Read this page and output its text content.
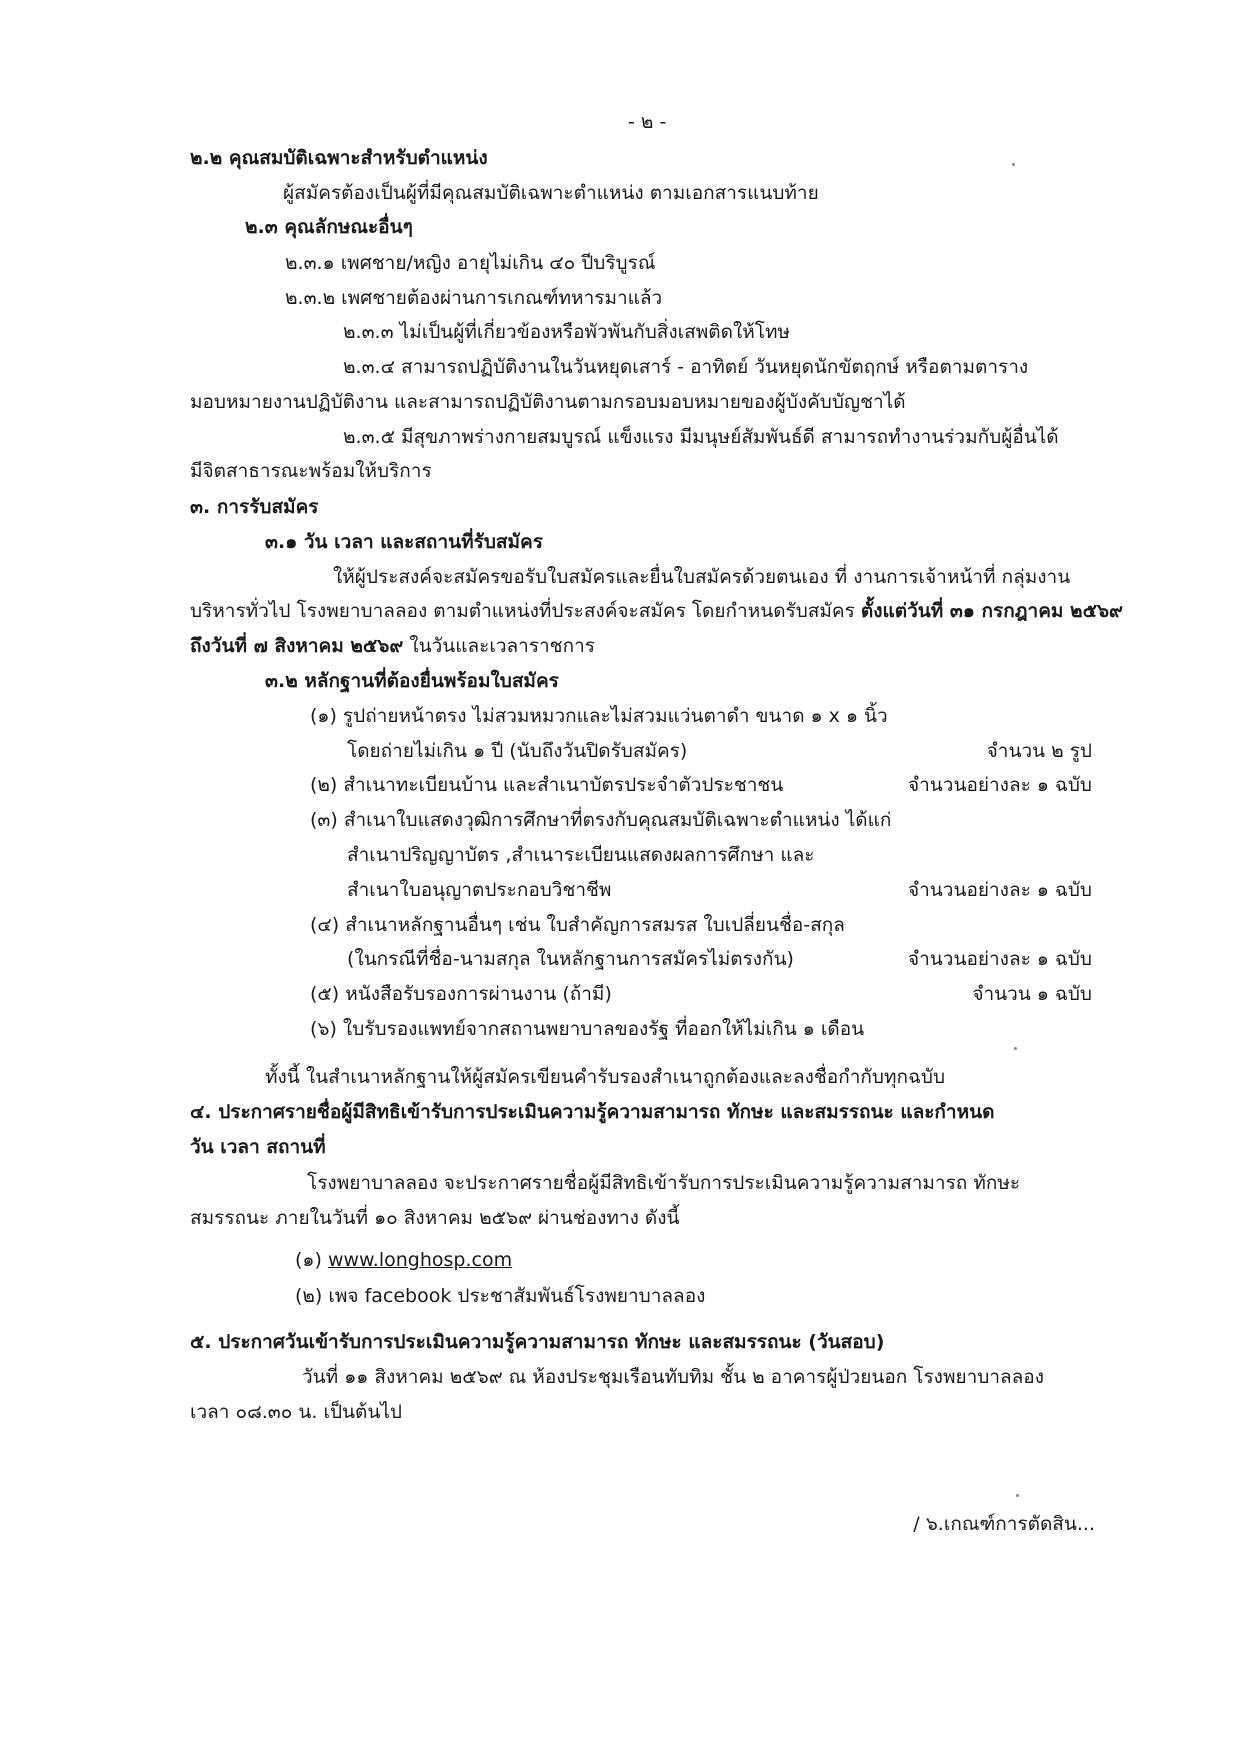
- ๒ -
๒.๒ คุณสมบัติเฉพาะสำหรับตำแหน่ง
ผู้สมัครต้องเป็นผู้ที่มีคุณสมบัติเฉพาะตำแหน่ง ตามเอกสารแนบท้าย
๒.๓ คุณลักษณะอื่นๆ
๒.๓.๑ เพศชาย/หญิง อายุไม่เกิน ๔๐ ปีบริบูรณ์
๒.๓.๒ เพศชายต้องผ่านการเกณฑ์ทหารมาแล้ว
๒.๓.๓ ไม่เป็นผู้ที่เกี่ยวข้องหรือพัวพันกับสิ่งเสพติดให้โทษ
๒.๓.๔ สามารถปฏิบัติงานในวันหยุดเสาร์ - อาทิตย์ วันหยุดนักขัตฤกษ์ หรือตามตาราง
มอบหมายงานปฏิบัติงาน และสามารถปฏิบัติงานตามกรอบมอบหมายของผู้บังคับบัญชาได้
๒.๓.๕ มีสุขภาพร่างกายสมบูรณ์ แข็งแรง มีมนุษย์สัมพันธ์ดี สามารถทำงานร่วมกับผู้อื่นได้
มีจิตสาธารณะพร้อมให้บริการ
๓. การรับสมัคร
๓.๑ วัน เวลา และสถานที่รับสมัคร
ให้ผู้ประสงค์จะสมัครขอรับใบสมัครและยื่นใบสมัครด้วยตนเอง ที่ งานการเจ้าหน้าที่ กลุ่มงาน
บริหารทั่วไป โรงพยาบาลลอง ตามตำแหน่งที่ประสงค์จะสมัคร โดยกำหนดรับสมัคร ตั้งแต่วันที่ ๓๑ กรกฎาคม ๒๕๖๙
ถึงวันที่ ๗ สิงหาคม ๒๕๖๙ ในวันและเวลาราชการ
๓.๒ หลักฐานที่ต้องยื่นพร้อมใบสมัคร
(๑) รูปถ่ายหน้าตรง ไม่สวมหมวกและไม่สวมแว่นตาดำ ขนาด ๑ x ๑ นิ้ว
โดยถ่ายไม่เกิน ๑ ปี (นับถึงวันปิดรับสมัคร)	จำนวน ๒ รูป
(๒) สำเนาทะเบียนบ้าน และสำเนาบัตรประจำตัวประชาชน	จำนวนอย่างละ ๑ ฉบับ
(๓) สำเนาใบแสดงวุฒิการศึกษาที่ตรงกับคุณสมบัติเฉพาะตำแหน่ง ได้แก่
สำเนาปริญญาบัตร ,สำเนาระเบียนแสดงผลการศึกษา และ
สำเนาใบอนุญาตประกอบวิชาชีพ	จำนวนอย่างละ ๑ ฉบับ
(๔) สำเนาหลักฐานอื่นๆ เช่น ใบสำคัญการสมรส ใบเปลี่ยนชื่อ-สกุล
(ในกรณีที่ชื่อ-นามสกุล ในหลักฐานการสมัครไม่ตรงกัน)	จำนวนอย่างละ ๑ ฉบับ
(๕) หนังสือรับรองการผ่านงาน (ถ้ามี)	จำนวน ๑ ฉบับ
(๖) ใบรับรองแพทย์จากสถานพยาบาลของรัฐ ที่ออกให้ไม่เกิน ๑ เดือน
ทั้งนี้ ในสำเนาหลักฐานให้ผู้สมัครเขียนคำรับรองสำเนาถูกต้องและลงชื่อกำกับทุกฉบับ
๔. ประกาศรายชื่อผู้มีสิทธิเข้ารับการประเมินความรู้ความสามารถ ทักษะ และสมรรถนะ และกำหนด
วัน เวลา สถานที่
โรงพยาบาลลอง จะประกาศรายชื่อผู้มีสิทธิเข้ารับการประเมินความรู้ความสามารถ ทักษะ
สมรรถนะ ภายในวันที่ ๑๐ สิงหาคม ๒๕๖๙ ผ่านช่องทาง ดังนี้
(๑) www.longhosp.com
(๒) เพจ facebook ประชาสัมพันธ์โรงพยาบาลลอง
๕. ประกาศวันเข้ารับการประเมินความรู้ความสามารถ ทักษะ และสมรรถนะ (วันสอบ)
วันที่ ๑๑ สิงหาคม ๒๕๖๙ ณ ห้องประชุมเรือนทับทิม ชั้น ๒ อาคารผู้ป่วยนอก โรงพยาบาลลอง
เวลา ๐๘.๓๐ น. เป็นต้นไป
/ ๖.เกณฑ์การตัดสิน...
